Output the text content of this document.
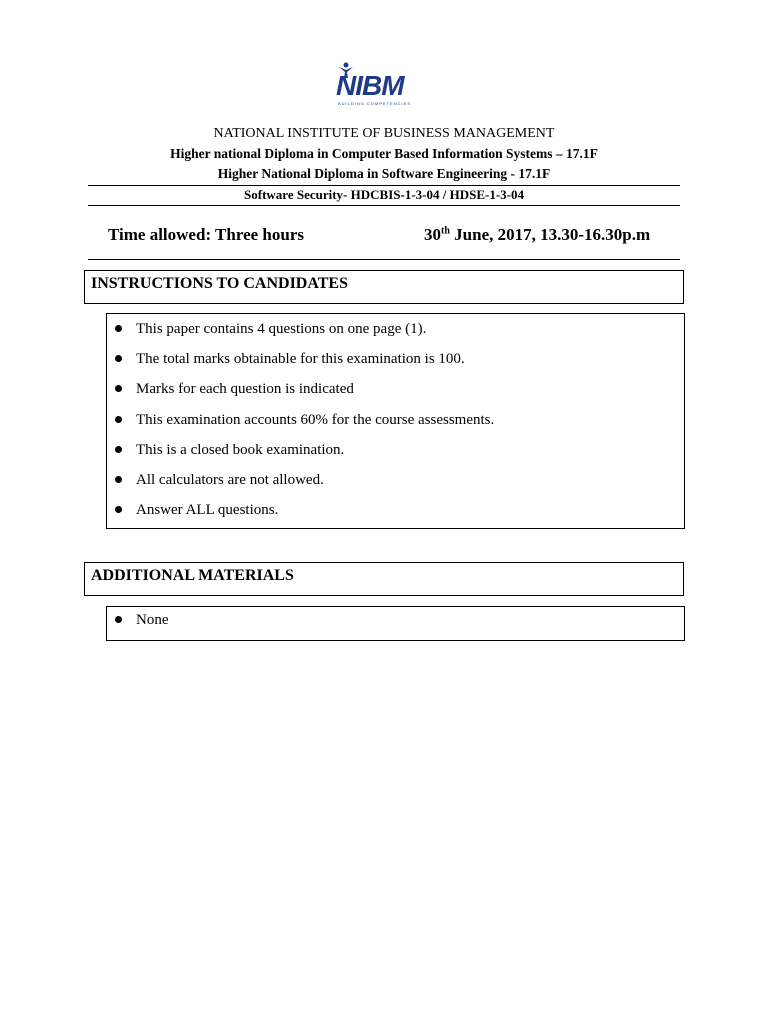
NIBM
BUILDING COMPETENCIES
NATIONAL INSTITUTE OF BUSINESS MANAGEMENT
Higher national Diploma in Computer Based Information Systems – 17.1F
Higher National Diploma in Software Engineering - 17.1F
Software Security- HDCBIS-1-3-04 / HDSE-1-3-04
Time allowed: Three hours	30th June, 2017, 13.30-16.30p.m
INSTRUCTIONS TO CANDIDATES
This paper contains 4 questions on one page (1).
The total marks obtainable for this examination is 100.
Marks for each question is indicated
This examination accounts 60% for the course assessments.
This is a closed book examination.
All calculators are not allowed.
Answer ALL questions.
ADDITIONAL MATERIALS
None
